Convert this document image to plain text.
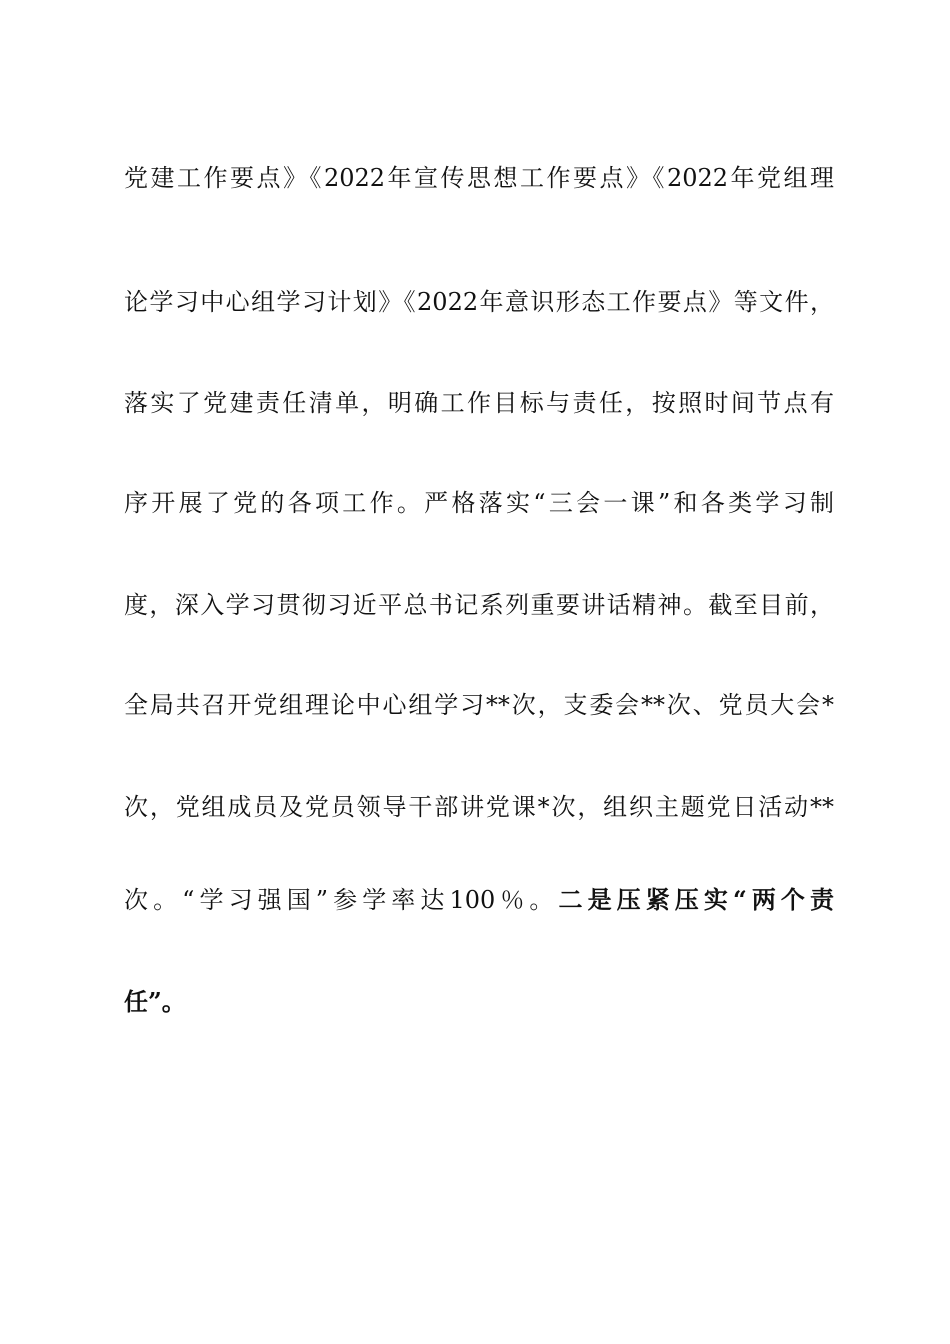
党建工作要点》《2022年宣传思想工作要点》《2022年党组理
论学习中心组学习计划》《2022年意识形态工作要点》等文件，
落实了党建责任清单，明确工作目标与责任，按照时间节点有
序开展了党的各项工作。严格落实“三会一课”和各类学习制
度，深入学习贯彻习近平总书记系列重要讲话精神。截至目前，
全局共召开党组理论中心组学习**次，支委会**次、党员大会*
次，党组成员及党员领导干部讲党课*次，组织主题党日活动**
次。“学习强国”参学率达100％。二是压紧压实“两个责
任”。
